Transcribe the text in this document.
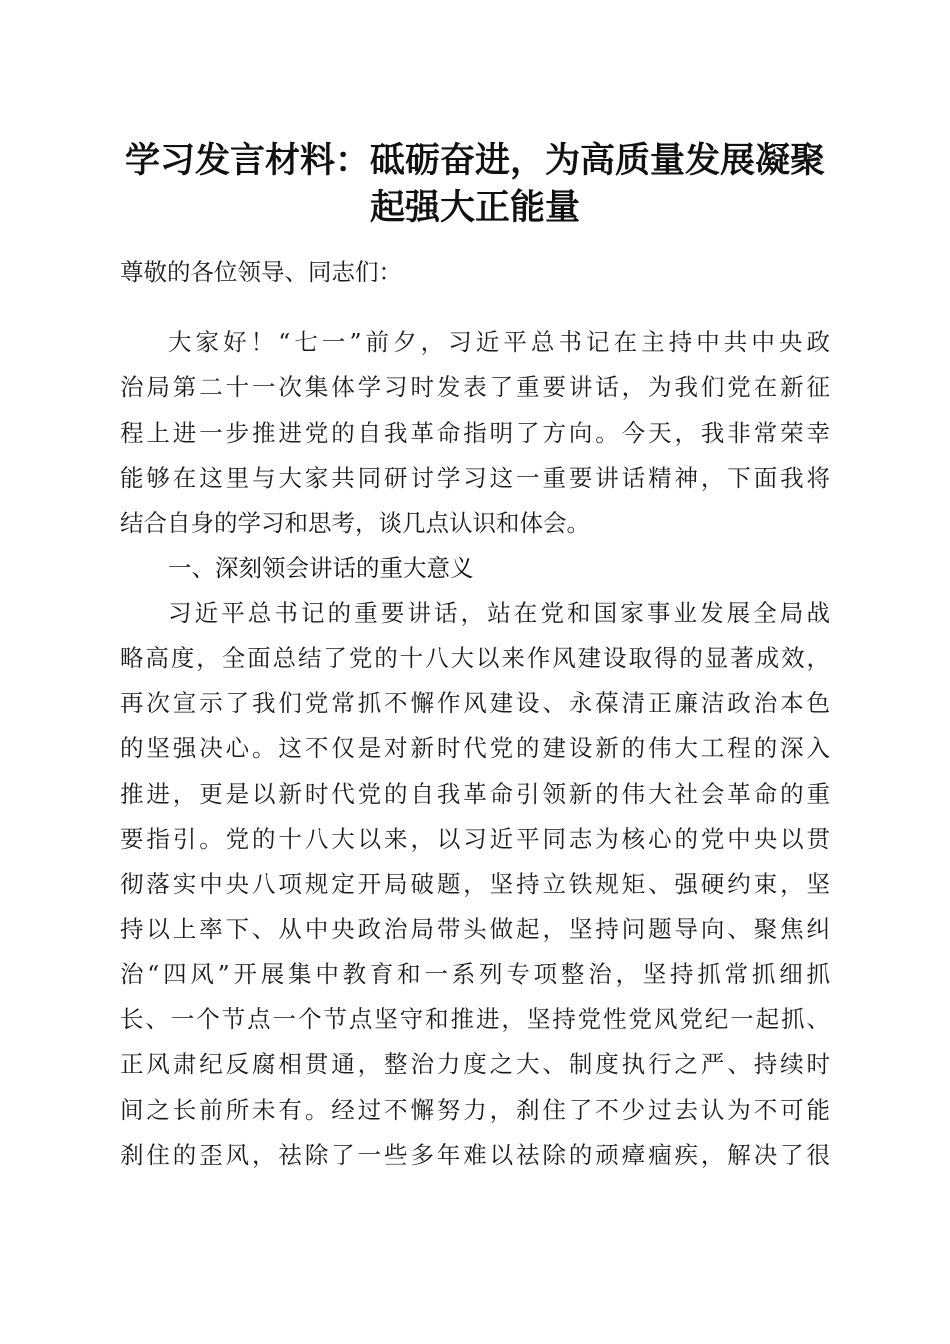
学习发言材料：砥砺奋进，为高质量发展凝聚
起强大正能量
尊敬的各位领导、同志们：
大家好！“七一”前夕，习近平总书记在主持中共中央政
治局第二十一次集体学习时发表了重要讲话，为我们党在新征
程上进一步推进党的自我革命指明了方向。今天，我非常荣幸
能够在这里与大家共同研讨学习这一重要讲话精神，下面我将
结合自身的学习和思考，谈几点认识和体会。
一、深刻领会讲话的重大意义
习近平总书记的重要讲话，站在党和国家事业发展全局战
略高度，全面总结了党的十八大以来作风建设取得的显著成效，
再次宣示了我们党常抓不懈作风建设、永葆清正廉洁政治本色
的坚强决心。这不仅是对新时代党的建设新的伟大工程的深入
推进，更是以新时代党的自我革命引领新的伟大社会革命的重
要指引。党的十八大以来，以习近平同志为核心的党中央以贯
彻落实中央八项规定开局破题，坚持立铁规矩、强硬约束，坚
持以上率下、从中央政治局带头做起，坚持问题导向、聚焦纠
治“四风”开展集中教育和一系列专项整治，坚持抓常抓细抓
长、一个节点一个节点坚守和推进，坚持党性党风党纪一起抓、
正风肃纪反腐相贯通，整治力度之大、制度执行之严、持续时
间之长前所未有。经过不懈努力，刹住了不少过去认为不可能
刹住的歪风，祛除了一些多年难以祛除的顽瘴痼疾，解决了很
